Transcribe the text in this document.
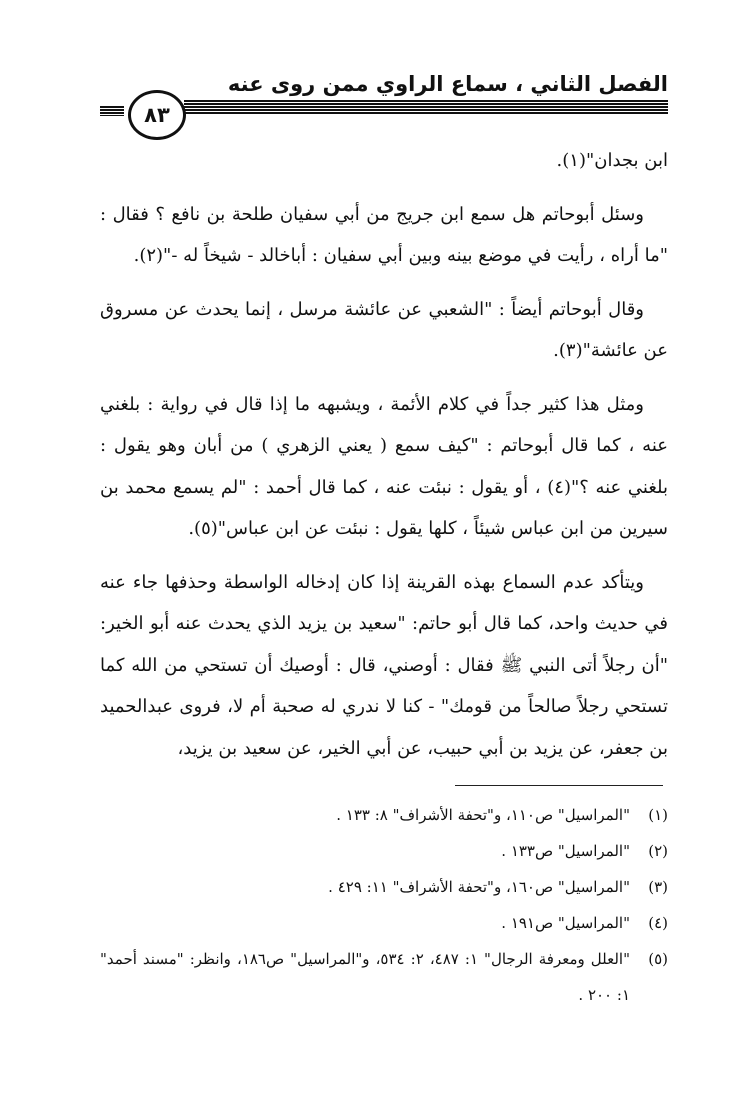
الفصل الثاني ، سماع الراوي ممن روى عنه
٨٣

ابن بجدان"(١).

وسئل أبوحاتم هل سمع ابن جريج من أبي سفيان طلحة بن نافع ؟ فقال : "ما أراه ، رأيت في موضع بينه وبين أبي سفيان : أباخالد - شيخاً له -"(٢).

وقال أبوحاتم أيضاً : "الشعبي عن عائشة مرسل ، إنما يحدث عن مسروق عن عائشة"(٣).

ومثل هذا كثير جداً في كلام الأئمة ، ويشبهه ما إذا قال في رواية : بلغني عنه ، كما قال أبوحاتم : "كيف سمع ( يعني الزهري ) من أبان وهو يقول : بلغني عنه ؟"(٤) ، أو يقول : نبئت عنه ، كما قال أحمد : "لم يسمع محمد بن سيرين من ابن عباس شيئاً ، كلها يقول : نبئت عن ابن عباس"(٥).

ويتأكد عدم السماع بهذه القرينة إذا كان إدخاله الواسطة وحذفها جاء عنه في حديث واحد، كما قال أبو حاتم: "سعيد بن يزيد الذي يحدث عنه أبو الخير: "أن رجلاً أتى النبي ﷺ فقال : أوصني، قال : أوصيك أن تستحي من الله كما تستحي رجلاً صالحاً من قومك" - كنا لا ندري له صحبة أم لا، فروى عبدالحميد بن جعفر، عن يزيد بن أبي حبيب، عن أبي الخير، عن سعيد بن يزيد،

(١)
"المراسيل" ص١١٠، و"تحفة الأشراف" ٨: ١٣٣ .
(٢)
"المراسيل" ص١٣٣ .
(٣)
"المراسيل" ص١٦٠، و"تحفة الأشراف" ١١: ٤٢٩ .
(٤)
"المراسيل" ص١٩١ .
(٥)
"العلل ومعرفة الرجال" ١: ٤٨٧، ٢: ٥٣٤، و"المراسيل" ص١٨٦، وانظر: "مسند أحمد" ١: ٢٠٠ .
